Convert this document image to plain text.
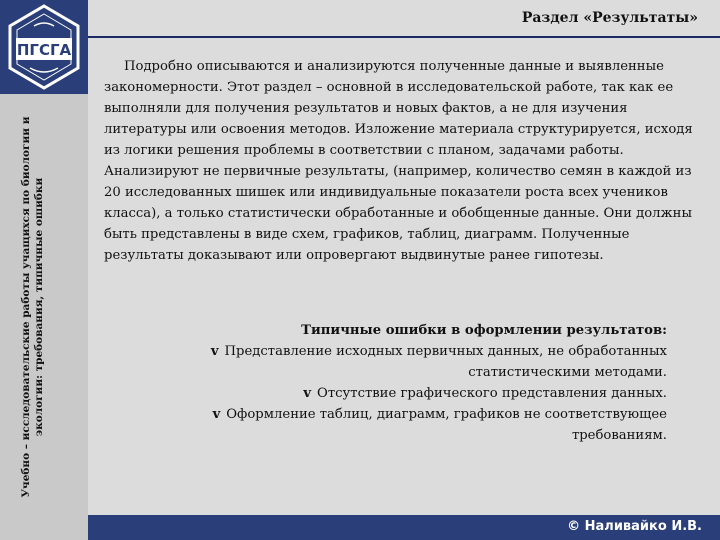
ПГСГА
Учебно – исследовательские работы учащихся по биологии и экологии: требования, типичные ошибки
Раздел «Результаты»
Подробно описываются и анализируются полученные данные и выявленные закономерности. Этот раздел – основной в исследовательской работе, так как ее выполняли для получения результатов и новых фактов, а не для изучения литературы или освоения методов. Изложение материала структурируется, исходя из логики решения проблемы в соответствии с планом, задачами работы. Анализируют не первичные результаты, (например, количество семян в каждой из 20 исследованных шишек или индивидуальные показатели роста всех учеников класса), а только статистически обработанные и обобщенные данные. Они должны быть представлены в виде схем, графиков, таблиц, диаграмм. Полученные результаты доказывают или опровергают выдвинутые ранее гипотезы.
Типичные ошибки в оформлении результатов:
v Представление исходных первичных данных, не обработанных статистическими методами.
v Отсутствие графического представления данных.
v Оформление таблиц, диаграмм, графиков не соответствующее требованиям.
© Наливайко И.В.
